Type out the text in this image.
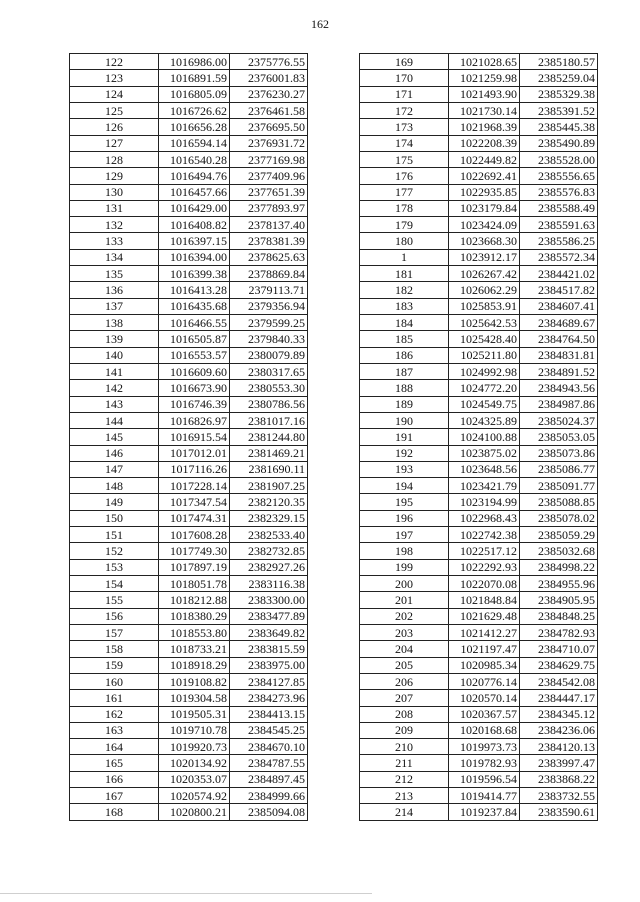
162
122	1016986.00	2375776.55
123	1016891.59	2376001.83
124	1016805.09	2376230.27
125	1016726.62	2376461.58
126	1016656.28	2376695.50
127	1016594.14	2376931.72
128	1016540.28	2377169.98
129	1016494.76	2377409.96
130	1016457.66	2377651.39
131	1016429.00	2377893.97
132	1016408.82	2378137.40
133	1016397.15	2378381.39
134	1016394.00	2378625.63
135	1016399.38	2378869.84
136	1016413.28	2379113.71
137	1016435.68	2379356.94
138	1016466.55	2379599.25
139	1016505.87	2379840.33
140	1016553.57	2380079.89
141	1016609.60	2380317.65
142	1016673.90	2380553.30
143	1016746.39	2380786.56
144	1016826.97	2381017.16
145	1016915.54	2381244.80
146	1017012.01	2381469.21
147	1017116.26	2381690.11
148	1017228.14	2381907.25
149	1017347.54	2382120.35
150	1017474.31	2382329.15
151	1017608.28	2382533.40
152	1017749.30	2382732.85
153	1017897.19	2382927.26
154	1018051.78	2383116.38
155	1018212.88	2383300.00
156	1018380.29	2383477.89
157	1018553.80	2383649.82
158	1018733.21	2383815.59
159	1018918.29	2383975.00
160	1019108.82	2384127.85
161	1019304.58	2384273.96
162	1019505.31	2384413.15
163	1019710.78	2384545.25
164	1019920.73	2384670.10
165	1020134.92	2384787.55
166	1020353.07	2384897.45
167	1020574.92	2384999.66
168	1020800.21	2385094.08
169	1021028.65	2385180.57
170	1021259.98	2385259.04
171	1021493.90	2385329.38
172	1021730.14	2385391.52
173	1021968.39	2385445.38
174	1022208.39	2385490.89
175	1022449.82	2385528.00
176	1022692.41	2385556.65
177	1022935.85	2385576.83
178	1023179.84	2385588.49
179	1023424.09	2385591.63
180	1023668.30	2385586.25
1	1023912.17	2385572.34
181	1026267.42	2384421.02
182	1026062.29	2384517.82
183	1025853.91	2384607.41
184	1025642.53	2384689.67
185	1025428.40	2384764.50
186	1025211.80	2384831.81
187	1024992.98	2384891.52
188	1024772.20	2384943.56
189	1024549.75	2384987.86
190	1024325.89	2385024.37
191	1024100.88	2385053.05
192	1023875.02	2385073.86
193	1023648.56	2385086.77
194	1023421.79	2385091.77
195	1023194.99	2385088.85
196	1022968.43	2385078.02
197	1022742.38	2385059.29
198	1022517.12	2385032.68
199	1022292.93	2384998.22
200	1022070.08	2384955.96
201	1021848.84	2384905.95
202	1021629.48	2384848.25
203	1021412.27	2384782.93
204	1021197.47	2384710.07
205	1020985.34	2384629.75
206	1020776.14	2384542.08
207	1020570.14	2384447.17
208	1020367.57	2384345.12
209	1020168.68	2384236.06
210	1019973.73	2384120.13
211	1019782.93	2383997.47
212	1019596.54	2383868.22
213	1019414.77	2383732.55
214	1019237.84	2383590.61
